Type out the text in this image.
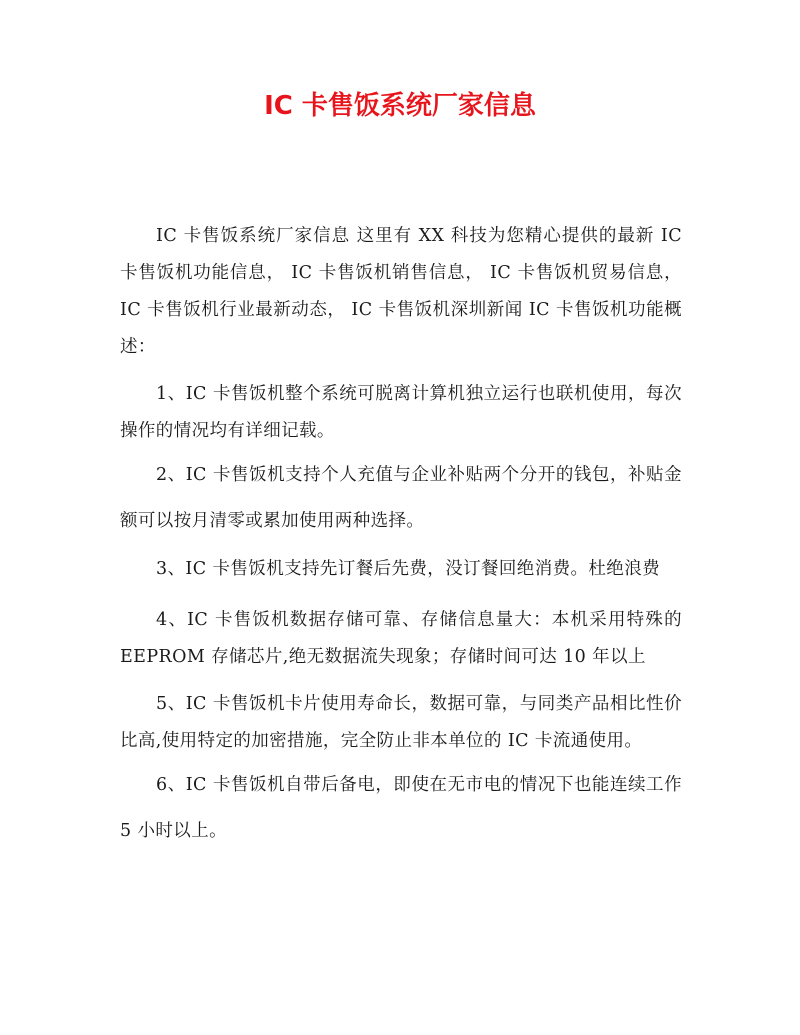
IC 卡售饭系统厂家信息

IC 卡售饭系统厂家信息 这里有 XX 科技为您精心提供的最新 IC 卡售饭机功能信息， IC 卡售饭机销售信息， IC 卡售饭机贸易信息， IC 卡售饭机行业最新动态， IC 卡售饭机深圳新闻 IC 卡售饭机功能概述：

1、IC 卡售饭机整个系统可脱离计算机独立运行也联机使用，每次操作的情况均有详细记载。

2、IC 卡售饭机支持个人充值与企业补贴两个分开的钱包，补贴金额可以按月清零或累加使用两种选择。

3、IC 卡售饭机支持先订餐后先费，没订餐回绝消费。杜绝浪费

4、IC 卡售饭机数据存储可靠、存储信息量大：本机采用特殊的 EEPROM 存储芯片,绝无数据流失现象；存储时间可达 10 年以上

5、IC 卡售饭机卡片使用寿命长，数据可靠，与同类产品相比性价比高,使用特定的加密措施，完全防止非本单位的 IC 卡流通使用。

6、IC 卡售饭机自带后备电，即使在无市电的情况下也能连续工作 5 小时以上。
